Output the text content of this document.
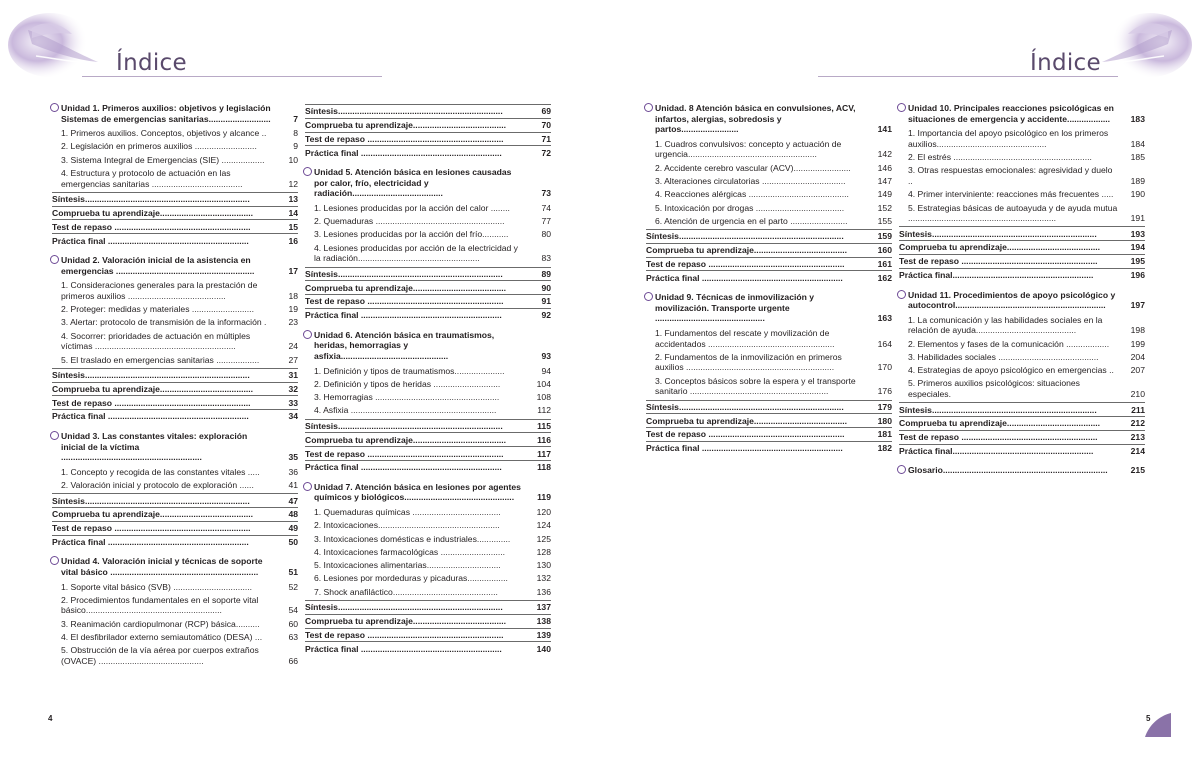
Índice
Unidad 1. Primeros auxilios: objetivos y legislación Sistemas de emergencias sanitarias..........................	7
1. Primeros auxilios. Conceptos, objetivos y alcance ..	8
2. Legislación en primeros auxilios ..........................	9
3. Sistema Integral de Emergencias (SIE) ..................	10
4. Estructura y protocolo de actuación en las emergencias sanitarias ......................................	12
Síntesis.....................................................................	13
Comprueba tu aprendizaje.......................................	14
Test de repaso .........................................................	15
Práctica final ...........................................................	16
Unidad 2. Valoración inicial de la asistencia en emergencias ..........................................................	17
1. Consideraciones generales para la prestación de primeros auxilios .........................................	18
2. Proteger: medidas y materiales ..........................	19
3. Alertar: protocolo de transmisión de la información .	23
4. Socorrer: prioridades de actuación en múltiples víctimas ...........................................................	24
5. El traslado en emergencias sanitarias ..................	27
Síntesis.....................................................................	31
Comprueba tu aprendizaje.......................................	32
Test de repaso .........................................................	33
Práctica final ...........................................................	34
Unidad 3. Las constantes vitales: exploración inicial de la víctima ...........................................................	35
1. Concepto y recogida de las constantes vitales .....	36
2. Valoración inicial y protocolo de exploración ......	41
Síntesis.....................................................................	47
Comprueba tu aprendizaje.......................................	48
Test de repaso .........................................................	49
Práctica final ...........................................................	50
Unidad 4. Valoración inicial y técnicas de soporte vital básico ..............................................................	51
1. Soporte vital básico (SVB) .................................	52
2. Procedimientos fundamentales en el soporte vital básico.........................................................	54
3. Reanimación cardiopulmonar (RCP) básica..........	60
4. El desfibrilador externo semiautomático (DESA) ...	63
5. Obstrucción de la vía aérea por cuerpos extraños (OVACE) ............................................	66
Síntesis.....................................................................	69
Comprueba tu aprendizaje.......................................	70
Test de repaso .........................................................	71
Práctica final ...........................................................	72
Unidad 5. Atención básica en lesiones causadas por calor, frío, electricidad y radiación......................................	73
1. Lesiones producidas por la acción del calor ........	74
2. Quemaduras ......................................................	77
3. Lesiones producidas por la acción del frío...........	80
4. Lesiones producidas por acción de la electricidad y la radiación...................................................	83
Síntesis.....................................................................	89
Comprueba tu aprendizaje.......................................	90
Test de repaso .........................................................	91
Práctica final ...........................................................	92
Unidad 6. Atención básica en traumatismos, heridas, hemorragias y asfixia.............................................	93
1. Definición y tipos de traumatismos.....................	94
2. Definición y tipos de heridas ............................	104
3. Hemorragias ....................................................	108
4. Asfixia .............................................................	112
Síntesis.....................................................................	115
Comprueba tu aprendizaje.......................................	116
Test de repaso .........................................................	117
Práctica final ...........................................................	118
Unidad 7. Atención básica en lesiones por agentes químicos y biológicos..............................................	119
1. Quemaduras químicas .....................................	120
2. Intoxicaciones...................................................	124
3. Intoxicaciones domésticas e industriales..............	125
4. Intoxicaciones farmacológicas ...........................	128
5. Intoxicaciones alimentarias...............................	130
6. Lesiones por mordeduras y picaduras.................	132
7. Shock anafiláctico............................................	136
Síntesis.....................................................................	137
Comprueba tu aprendizaje.......................................	138
Test de repaso .........................................................	139
Práctica final ...........................................................	140
4
Índice
Unidad. 8 Atención básica en convulsiones, ACV, infartos, alergias, sobredosis y partos........................	141
1. Cuadros convulsivos: concepto y actuación de urgencia......................................................	142
2. Accidente cerebro vascular (ACV)........................	146
3. Alteraciones circulatorias ...................................	147
4. Reacciones alérgicas ..........................................	149
5. Intoxicación por drogas .....................................	152
6. Atención de urgencia en el parto ........................	155
Síntesis.....................................................................	159
Comprueba tu aprendizaje.......................................	160
Test de repaso .........................................................	161
Práctica final ...........................................................	162
Unidad 9. Técnicas de inmovilización y movilización. Transporte urgente ..............................................	163
1. Fundamentos del rescate y movilización de accidentados .....................................................	164
2. Fundamentos de la inmovilización en primeros auxilios ..............................................................	170
3. Conceptos básicos sobre la espera y el transporte sanitario ..........................................................	176
Síntesis.....................................................................	179
Comprueba tu aprendizaje.......................................	180
Test de repaso .........................................................	181
Práctica final ...........................................................	182
Unidad 10. Principales reacciones psicológicas en situaciones de emergencia y accidente..................	183
1. Importancia del apoyo psicológico en los primeros auxilios..............................................	184
2. El estrés ..........................................................	185
3. Otras respuestas emocionales: agresividad y duelo ..	189
4. Primer interviniente: reacciones más frecuentes .....	190
5. Estrategias básicas de autoayuda y de ayuda mutua ..............................................................	191
Síntesis.....................................................................	193
Comprueba tu aprendizaje.......................................	194
Test de repaso .........................................................	195
Práctica final...........................................................	196
Unidad 11. Procedimientos de apoyo psicológico y autocontrol...............................................................	197
1. La comunicación y las habilidades sociales en la relación de ayuda..........................................	198
2. Elementos y fases de la comunicación ..................	199
3. Habilidades sociales ..........................................	204
4. Estrategias de apoyo psicológico en emergencias ..	207
5. Primeros auxilios psicológicos: situaciones especiales.	210
Síntesis.....................................................................	211
Comprueba tu aprendizaje.......................................	212
Test de repaso .........................................................	213
Práctica final...........................................................	214
Glosario.....................................................................	215
5
